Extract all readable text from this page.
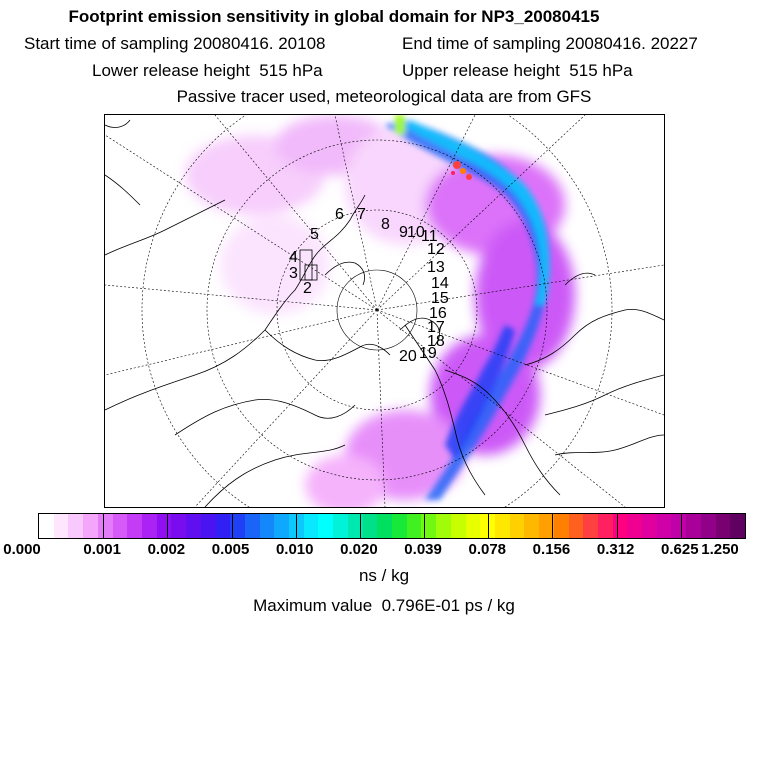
Footprint emission sensitivity in global domain for NP3_20080415
Start time of sampling 20080416. 20108	End time of sampling 20080416. 20227
Lower release height 515 hPa	Upper release height 515 hPa
Passive tracer used, meteorological data are from GFS
2
3
4
5
6 7
8 9 10
11
12
13
14
15
16
17
18
19
20
0.000	0.001 0.002 0.005 0.010 0.020 0.039 0.078 0.156 0.312 0.625 1.250
ns / kg
Maximum value 0.796E-01 ps / kg
